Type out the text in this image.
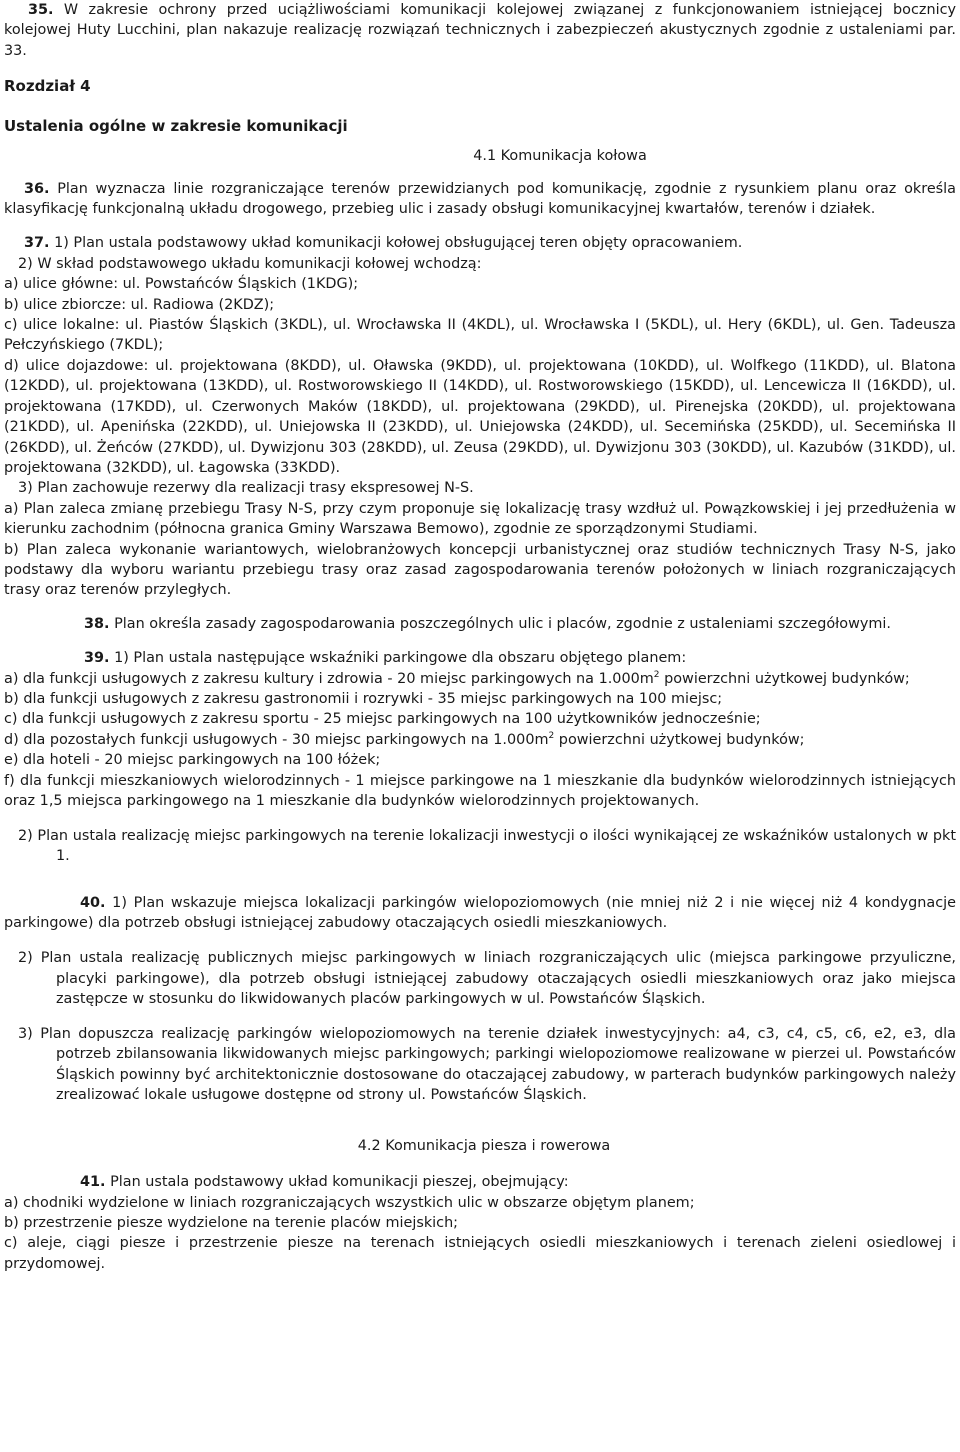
35. W zakresie ochrony przed uciążliwościami komunikacji kolejowej związanej z funkcjonowaniem istniejącej bocznicy kolejowej Huty Lucchini, plan nakazuje realizację rozwiązań technicznych i zabezpieczeń akustycznych zgodnie z ustaleniami par. 33.

Rozdział 4

Ustalenia ogólne w zakresie komunikacji

4.1 Komunikacja kołowa

36. Plan wyznacza linie rozgraniczające terenów przewidzianych pod komunikację, zgodnie z rysunkiem planu oraz określa klasyfikację funkcjonalną układu drogowego, przebieg ulic i zasady obsługi komunikacyjnej kwartałów, terenów i działek.

37. 1) Plan ustala podstawowy układ komunikacji kołowej obsługującej teren objęty opracowaniem.

2) W skład podstawowego układu komunikacji kołowej wchodzą:

a) ulice główne: ul. Powstańców Śląskich (1KDG);

b) ulice zbiorcze: ul. Radiowa (2KDZ);

c) ulice lokalne: ul. Piastów Śląskich (3KDL), ul. Wrocławska II (4KDL), ul. Wrocławska I (5KDL), ul. Hery (6KDL), ul. Gen. Tadeusza Pełczyńskiego (7KDL);

d) ulice dojazdowe: ul. projektowana (8KDD), ul. Oławska (9KDD), ul. projektowana (10KDD), ul. Wolfkego (11KDD), ul. Blatona (12KDD), ul. projektowana (13KDD), ul. Rostworowskiego II (14KDD), ul. Rostworowskiego (15KDD), ul. Lencewicza II (16KDD), ul. projektowana (17KDD), ul. Czerwonych Maków (18KDD), ul. projektowana (29KDD), ul. Pirenejska (20KDD), ul. projektowana (21KDD), ul. Apenińska (22KDD), ul. Uniejowska II (23KDD), ul. Uniejowska (24KDD), ul. Secemińska (25KDD), ul. Secemińska II (26KDD), ul. Żeńców (27KDD), ul. Dywizjonu 303 (28KDD), ul. Zeusa (29KDD), ul. Dywizjonu 303 (30KDD), ul. Kazubów (31KDD), ul. projektowana (32KDD), ul. Łagowska (33KDD).

3) Plan zachowuje rezerwy dla realizacji trasy ekspresowej N-S.

a) Plan zaleca zmianę przebiegu Trasy N-S, przy czym proponuje się lokalizację trasy wzdłuż ul. Powązkowskiej i jej przedłużenia w kierunku zachodnim (północna granica Gminy Warszawa Bemowo), zgodnie ze sporządzonymi Studiami.

b) Plan zaleca wykonanie wariantowych, wielobranżowych koncepcji urbanistycznej oraz studiów technicznych Trasy N-S, jako podstawy dla wyboru wariantu przebiegu trasy oraz zasad zagospodarowania terenów położonych w liniach rozgraniczających trasy oraz terenów przyległych.

38. Plan określa zasady zagospodarowania poszczególnych ulic i placów, zgodnie z ustaleniami szczegółowymi.

39. 1) Plan ustala następujące wskaźniki parkingowe dla obszaru objętego planem:

a) dla funkcji usługowych z zakresu kultury i zdrowia - 20 miejsc parkingowych na $1.000m^2$ powierzchni użytkowej budynków;

b) dla funkcji usługowych z zakresu gastronomii i rozrywki - 35 miejsc parkingowych na 100 miejsc;

c) dla funkcji usługowych z zakresu sportu - 25 miejsc parkingowych na 100 użytkowników jednocześnie;

d) dla pozostałych funkcji usługowych - 30 miejsc parkingowych na $1.000m^2$ powierzchni użytkowej budynków;

e) dla hoteli - 20 miejsc parkingowych na 100 łóżek;

f) dla funkcji mieszkaniowych wielorodzinnych - 1 miejsce parkingowe na 1 mieszkanie dla budynków wielorodzinnych istniejących oraz 1,5 miejsca parkingowego na 1 mieszkanie dla budynków wielorodzinnych projektowanych.

2) Plan ustala realizację miejsc parkingowych na terenie lokalizacji inwestycji o ilości wynikającej ze wskaźników ustalonych w pkt 1.

40. 1) Plan wskazuje miejsca lokalizacji parkingów wielopoziomowych (nie mniej niż 2 i nie więcej niż 4 kondygnacje parkingowe) dla potrzeb obsługi istniejącej zabudowy otaczających osiedli mieszkaniowych.

2) Plan ustala realizację publicznych miejsc parkingowych w liniach rozgraniczających ulic (miejsca parkingowe przyuliczne, placyki parkingowe), dla potrzeb obsługi istniejącej zabudowy otaczających osiedli mieszkaniowych oraz jako miejsca zastępcze w stosunku do likwidowanych placów parkingowych w ul. Powstańców Śląskich.

3) Plan dopuszcza realizację parkingów wielopoziomowych na terenie działek inwestycyjnych: a4, c3, c4, c5, c6, e2, e3, dla potrzeb zbilansowania likwidowanych miejsc parkingowych; parkingi wielopoziomowe realizowane w pierzei ul. Powstańców Śląskich powinny być architektonicznie dostosowane do otaczającej zabudowy, w parterach budynków parkingowych należy zrealizować lokale usługowe dostępne od strony ul. Powstańców Śląskich.

4.2 Komunikacja piesza i rowerowa

41. Plan ustala podstawowy układ komunikacji pieszej, obejmujący:

a) chodniki wydzielone w liniach rozgraniczających wszystkich ulic w obszarze objętym planem;

b) przestrzenie piesze wydzielone na terenie placów miejskich;

c) aleje, ciągi piesze i przestrzenie piesze na terenach istniejących osiedli mieszkaniowych i terenach zieleni osiedlowej i przydomowej.
